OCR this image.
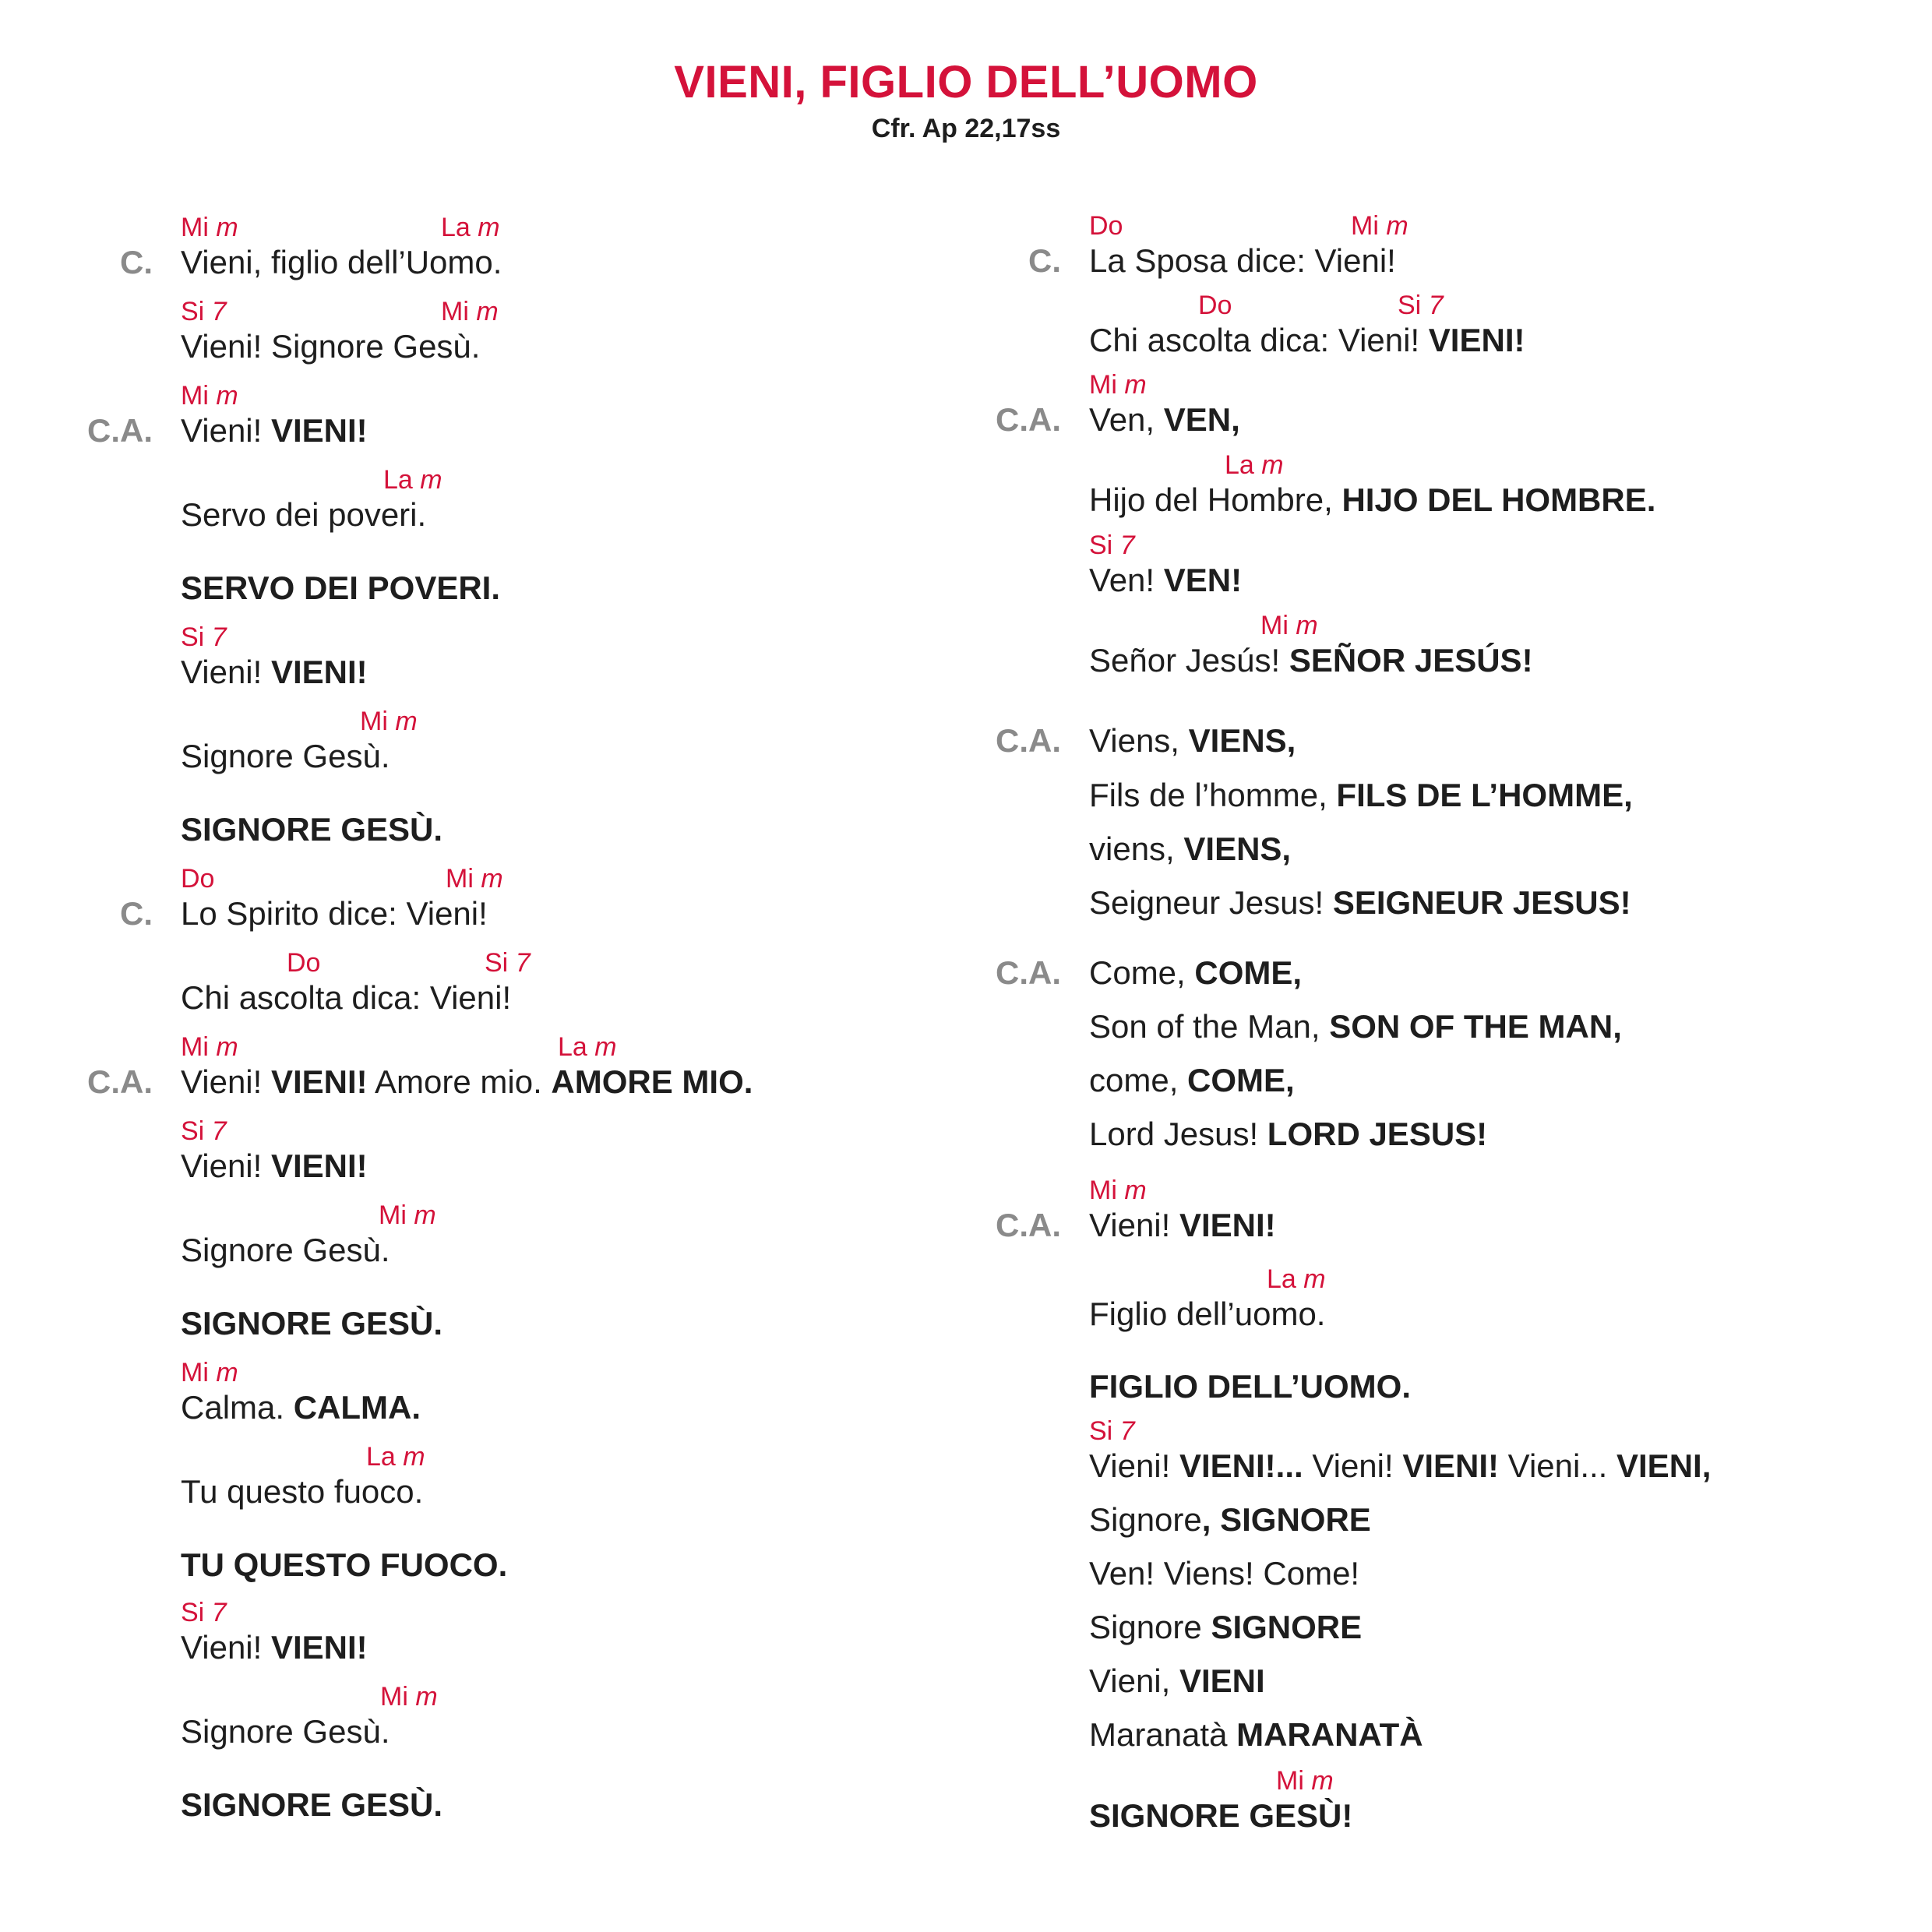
VIENI, FIGLIO DELL’UOMO
Cfr. Ap 22,17ss
C.
Mi m	La m
Vieni, figlio dell’Uomo.
Si 7	Mi m
Vieni! Signore Gesù.
C.A.
Mi m
Vieni! VIENI!
La m
Servo dei poveri.
SERVO DEI POVERI.
Si 7
Vieni! VIENI!
Mi m
Signore Gesù.
SIGNORE GESÙ.
C.
Do	Mi m
Lo Spirito dice: Vieni!
Do	Si 7
Chi ascolta dica: Vieni!
C.A.
Mi m	La m
Vieni! VIENI! Amore mio. AMORE MIO.
Si 7
Vieni! VIENI!
Mi m
Signore Gesù.
SIGNORE GESÙ.
Mi m
Calma. CALMA.
La m
Tu questo fuoco.
TU QUESTO FUOCO.
Si 7
Vieni! VIENI!
Mi m
Signore Gesù.
SIGNORE GESÙ.
C.
Do	Mi m
La Sposa dice: Vieni!
Do	Si 7
Chi ascolta dica: Vieni! VIENI!
C.A.
Mi m
Ven, VEN,
La m
Hijo del Hombre, HIJO DEL HOMBRE.
Si 7
Ven! VEN!
Mi m
Señor Jesús! SEÑOR JESÚS!
C.A. Viens, VIENS,
Fils de l’homme, FILS DE L’HOMME,
viens, VIENS,
Seigneur Jesus! SEIGNEUR JESUS!
C.A. Come, COME,
Son of the Man, SON OF THE MAN,
come, COME,
Lord Jesus! LORD JESUS!
C.A.
Mi m
Vieni! VIENI!
La m
Figlio dell’uomo.
FIGLIO DELL’UOMO.
Si 7
Vieni! VIENI!... Vieni! VIENI! Vieni... VIENI,
Signore, SIGNORE
Ven! Viens! Come!
Signore SIGNORE
Vieni, VIENI
Maranatà MARANATÀ
Mi m
SIGNORE GESÙ!
